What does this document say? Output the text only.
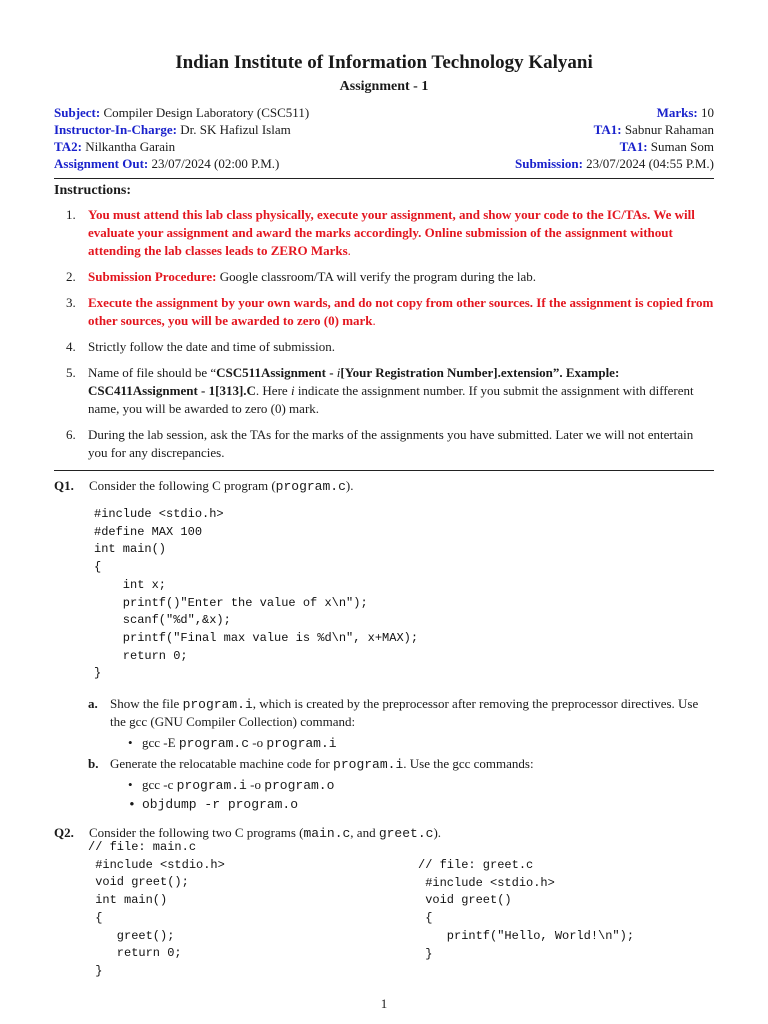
Indian Institute of Information Technology Kalyani
Assignment - 1
Subject: Compiler Design Laboratory (CSC511)
Instructor-In-Charge: Dr. SK Hafizul Islam
TA2: Nilkantha Garain
Assignment Out: 23/07/2024 (02:00 P.M.)
Marks: 10
TA1: Sabnur Rahaman
TA1: Suman Som
Submission: 23/07/2024 (04:55 P.M.)
Instructions:
1. You must attend this lab class physically, execute your assignment, and show your code to the IC/TAs. We will evaluate your assignment and award the marks accordingly. Online submission of the assignment without attending the lab classes leads to ZERO Marks.
2. Submission Procedure: Google classroom/TA will verify the program during the lab.
3. Execute the assignment by your own wards, and do not copy from other sources. If the assignment is copied from other sources, you will be awarded to zero (0) mark.
4. Strictly follow the date and time of submission.
5. Name of file should be “CSC511Assignment - i[Your Registration Number].extension”. Example: CSC411Assignment - 1[313].C. Here i indicate the assignment number. If you submit the assignment with different name, you will be awarded to zero (0) mark.
6. During the lab session, ask the TAs for the marks of the assignments you have submitted. Later we will not entertain you for any discrepancies.
Q1. Consider the following C program (program.c).
#include <stdio.h>
#define MAX 100
int main()
{
int x;
printf()"Enter the value of x\n");
scanf("%d",&x);
printf("Final max value is %d\n", x+MAX);
return 0;
}
a. Show the file program.i, which is created by the preprocessor after removing the preprocessor directives. Use the gcc (GNU Compiler Collection) command:
• gcc -E program.c -o program.i
b. Generate the relocatable machine code for program.i. Use the gcc commands:
• gcc -c program.i -o program.o
• objdump -r program.o
Q2. Consider the following two C programs (main.c, and greet.c).
// file: main.c
#include <stdio.h>
void greet();
int main()
{
greet();
return 0;
}
// file: greet.c
#include <stdio.h>
void greet()
{
printf("Hello, World!\n");
}
1
